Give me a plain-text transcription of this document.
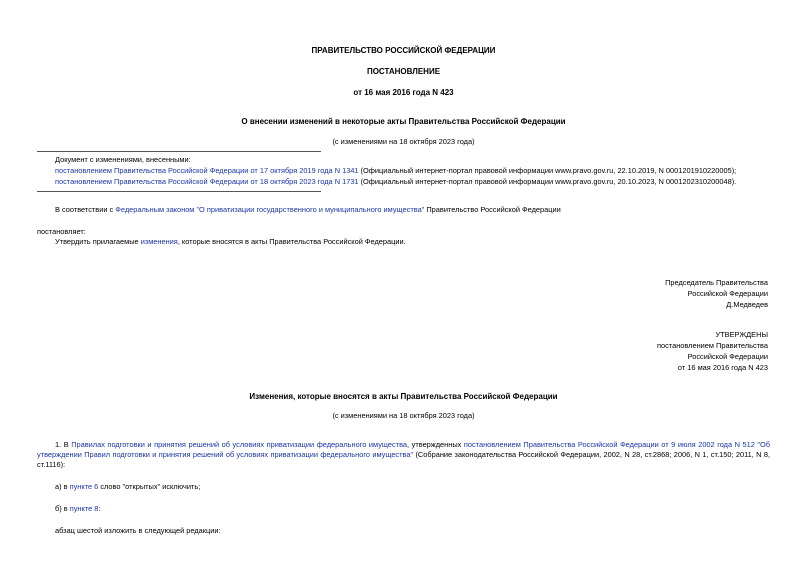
ПРАВИТЕЛЬСТВО РОССИЙСКОЙ ФЕДЕРАЦИИ
ПОСТАНОВЛЕНИЕ
от 16 мая 2016 года N 423
О внесении изменений в некоторые акты Правительства Российской Федерации
(с изменениями на 18 октября 2023 года)
Документ с изменениями, внесенными:
постановлением Правительства Российской Федерации от 17 октября 2019 года N 1341 (Официальный интернет-портал правовой информации www.pravo.gov.ru, 22.10.2019, N 0001201910220005);
постановлением Правительства Российской Федерации от 18 октября 2023 года N 1731 (Официальный интернет-портал правовой информации www.pravo.gov.ru, 20.10.2023, N 0001202310200048).
В соответствии с Федеральным законом "О приватизации государственного и муниципального имущества" Правительство Российской Федерации
постановляет:
Утвердить прилагаемые изменения, которые вносятся в акты Правительства Российской Федерации.
Председатель Правительства
Российской Федерации
Д.Медведев
УТВЕРЖДЕНЫ
постановлением Правительства
Российской Федерации
от 16 мая 2016 года N 423
Изменения, которые вносятся в акты Правительства Российской Федерации
(с изменениями на 18 октября 2023 года)
1. В Правилах подготовки и принятия решений об условиях приватизации федерального имущества, утвержденных постановлением Правительства Российской Федерации от 9 июля 2002 года N 512 "Об утверждении Правил подготовки и принятия решений об условиях приватизации федерального имущества" (Собрание законодательства Российской Федерации, 2002, N 28, ст.2868; 2006, N 1, ст.150; 2011, N 8, ст.1116):
а) в пункте 6 слово "открытых" исключить;
б) в пункте 8:
абзац шестой изложить в следующей редакции:
